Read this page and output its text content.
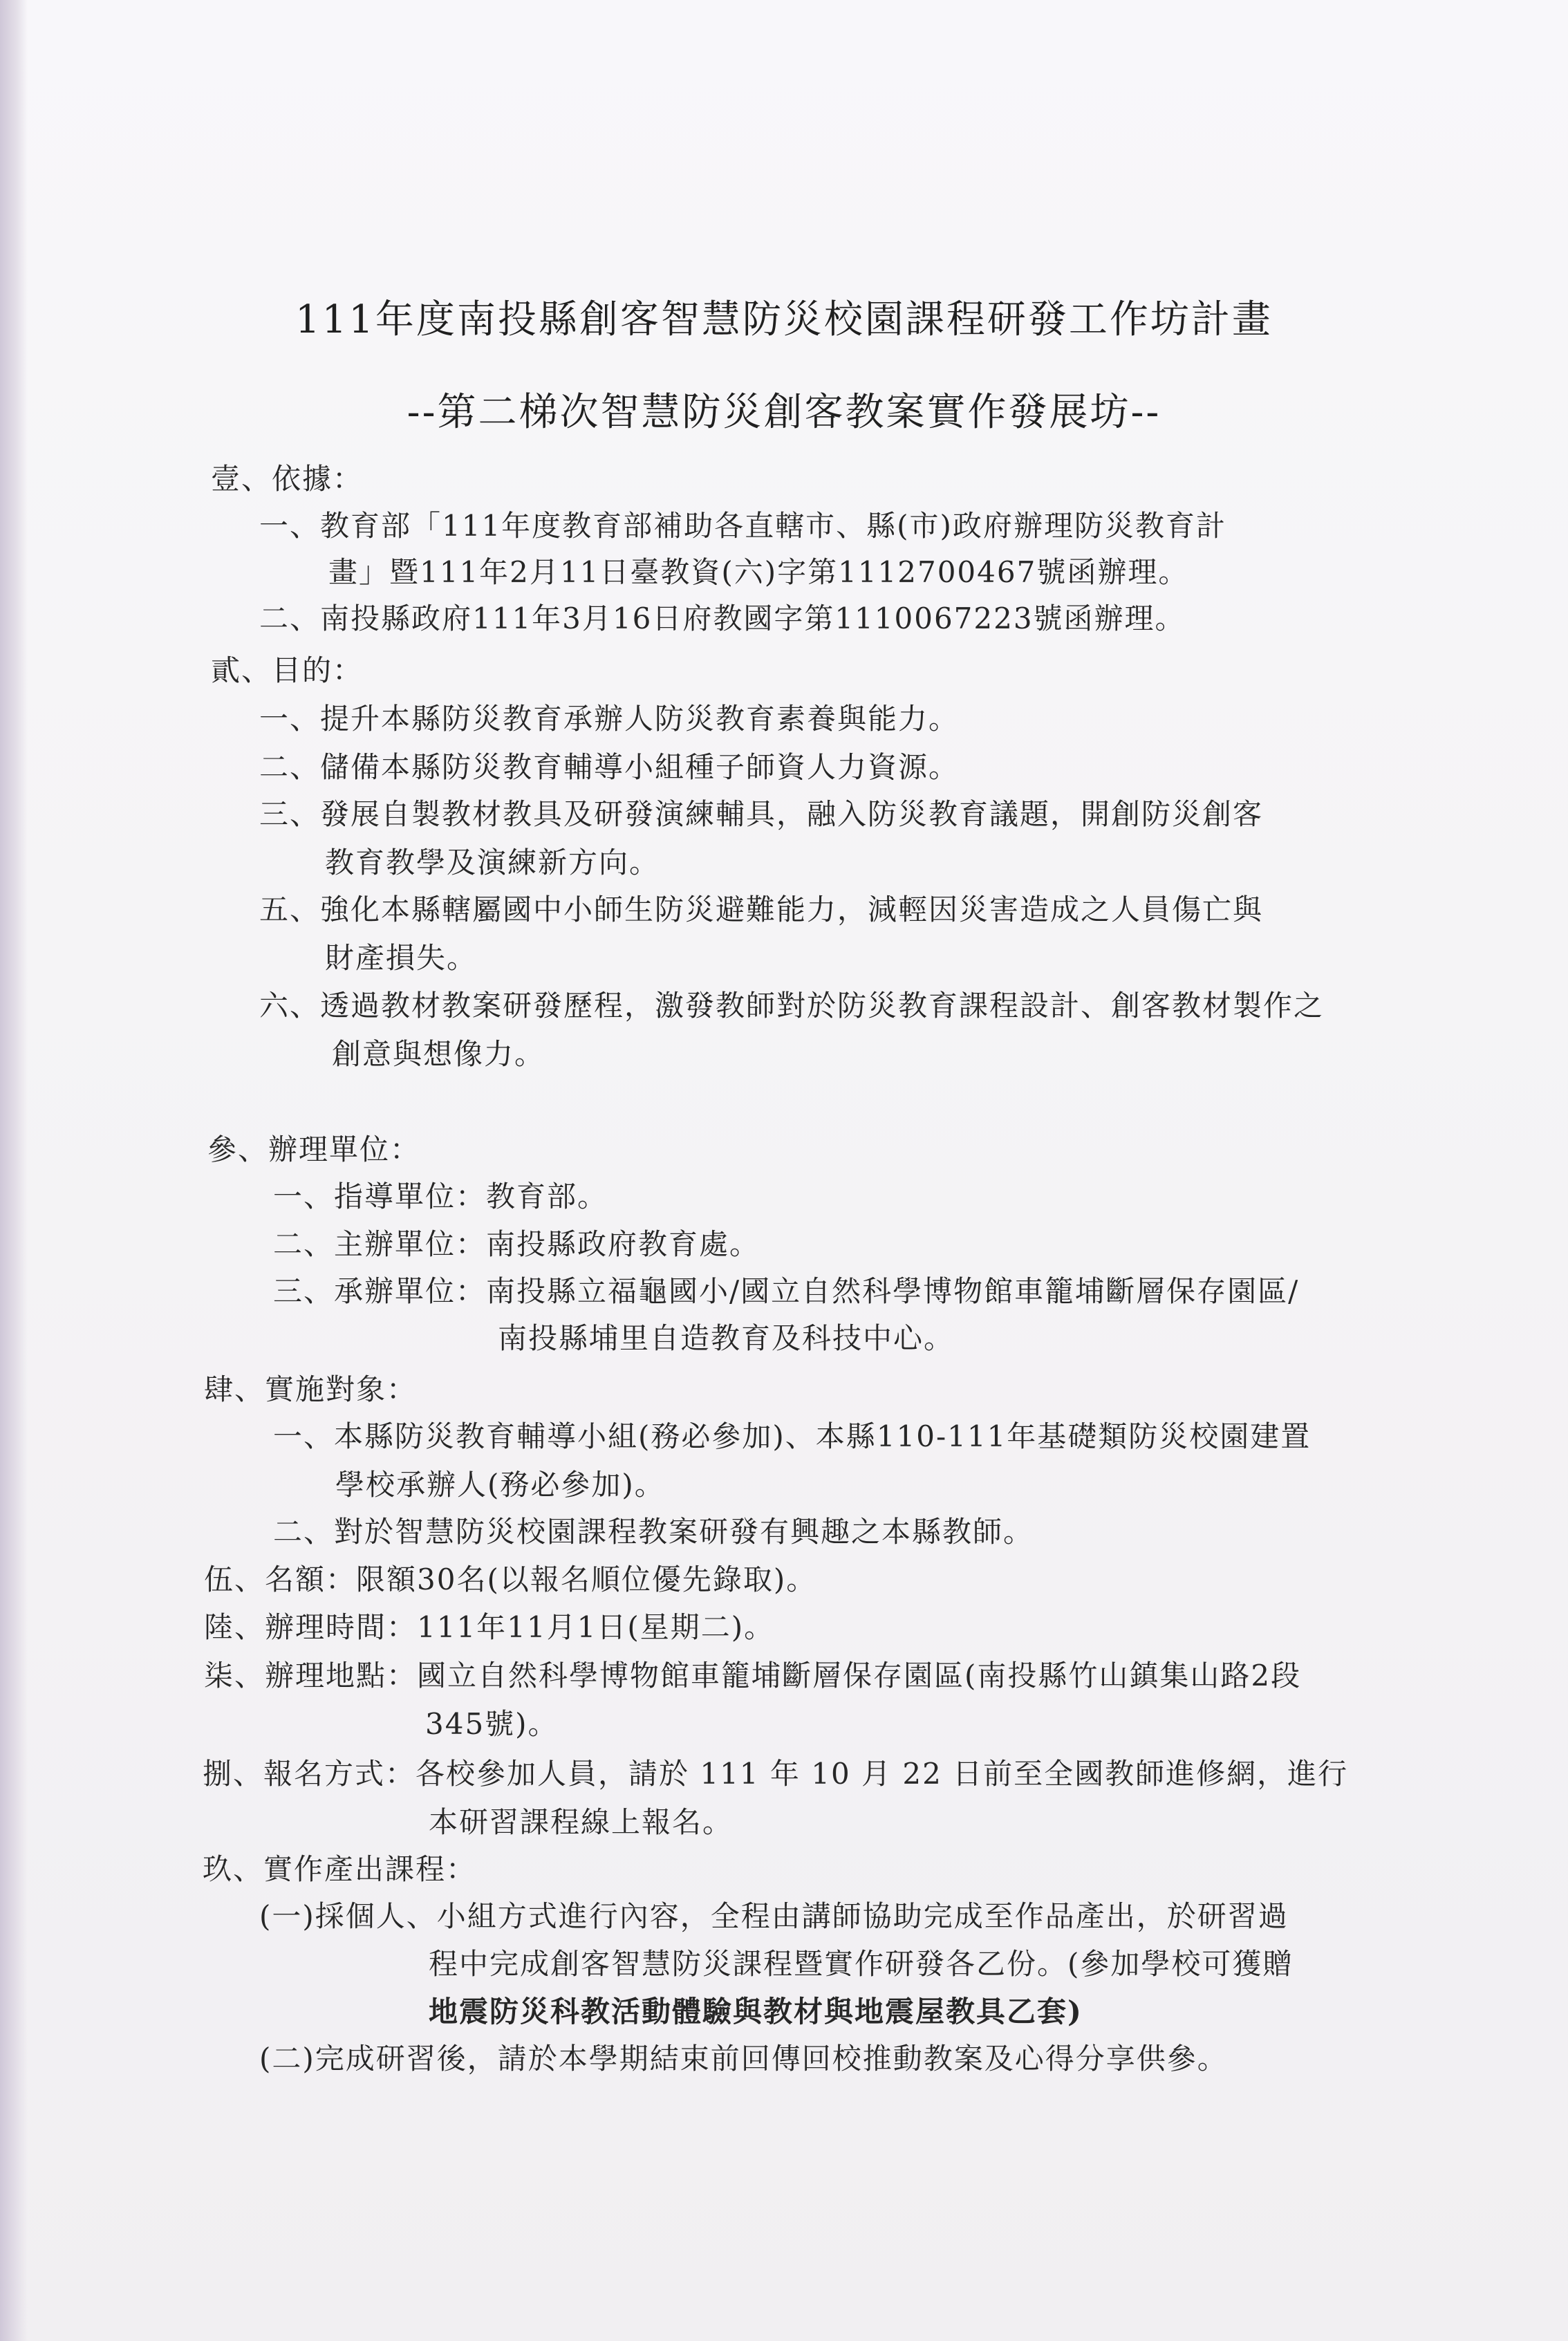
111年度南投縣創客智慧防災校園課程研發工作坊計畫
--第二梯次智慧防災創客教案實作發展坊--
壹、依據：
一、教育部「111年度教育部補助各直轄市、縣(市)政府辦理防災教育計
畫」暨111年2月11日臺教資(六)字第1112700467號函辦理。
二、南投縣政府111年3月16日府教國字第1110067223號函辦理。
貳、目的：
一、提升本縣防災教育承辦人防災教育素養與能力。
二、儲備本縣防災教育輔導小組種子師資人力資源。
三、發展自製教材教具及研發演練輔具，融入防災教育議題，開創防災創客
教育教學及演練新方向。
五、強化本縣轄屬國中小師生防災避難能力，減輕因災害造成之人員傷亡與
財產損失。
六、透過教材教案研發歷程，激發教師對於防災教育課程設計、創客教材製作之
創意與想像力。
參、辦理單位：
一、指導單位：教育部。
二、主辦單位：南投縣政府教育處。
三、承辦單位：南投縣立福龜國小/國立自然科學博物館車籠埔斷層保存園區/
南投縣埔里自造教育及科技中心。
肆、實施對象：
一、本縣防災教育輔導小組(務必參加)、本縣110-111年基礎類防災校園建置
學校承辦人(務必參加)。
二、對於智慧防災校園課程教案研發有興趣之本縣教師。
伍、名額：限額30名(以報名順位優先錄取)。
陸、辦理時間：111年11月1日(星期二)。
柒、辦理地點：國立自然科學博物館車籠埔斷層保存園區(南投縣竹山鎮集山路2段
345號)。
捌、報名方式：各校參加人員，請於 111 年 10 月 22 日前至全國教師進修網，進行
本研習課程線上報名。
玖、實作產出課程：
(一)採個人、小組方式進行內容，全程由講師協助完成至作品產出，於研習過
程中完成創客智慧防災課程暨實作研發各乙份。(參加學校可獲贈
地震防災科教活動體驗與教材與地震屋教具乙套)
(二)完成研習後，請於本學期結束前回傳回校推動教案及心得分享供參。
